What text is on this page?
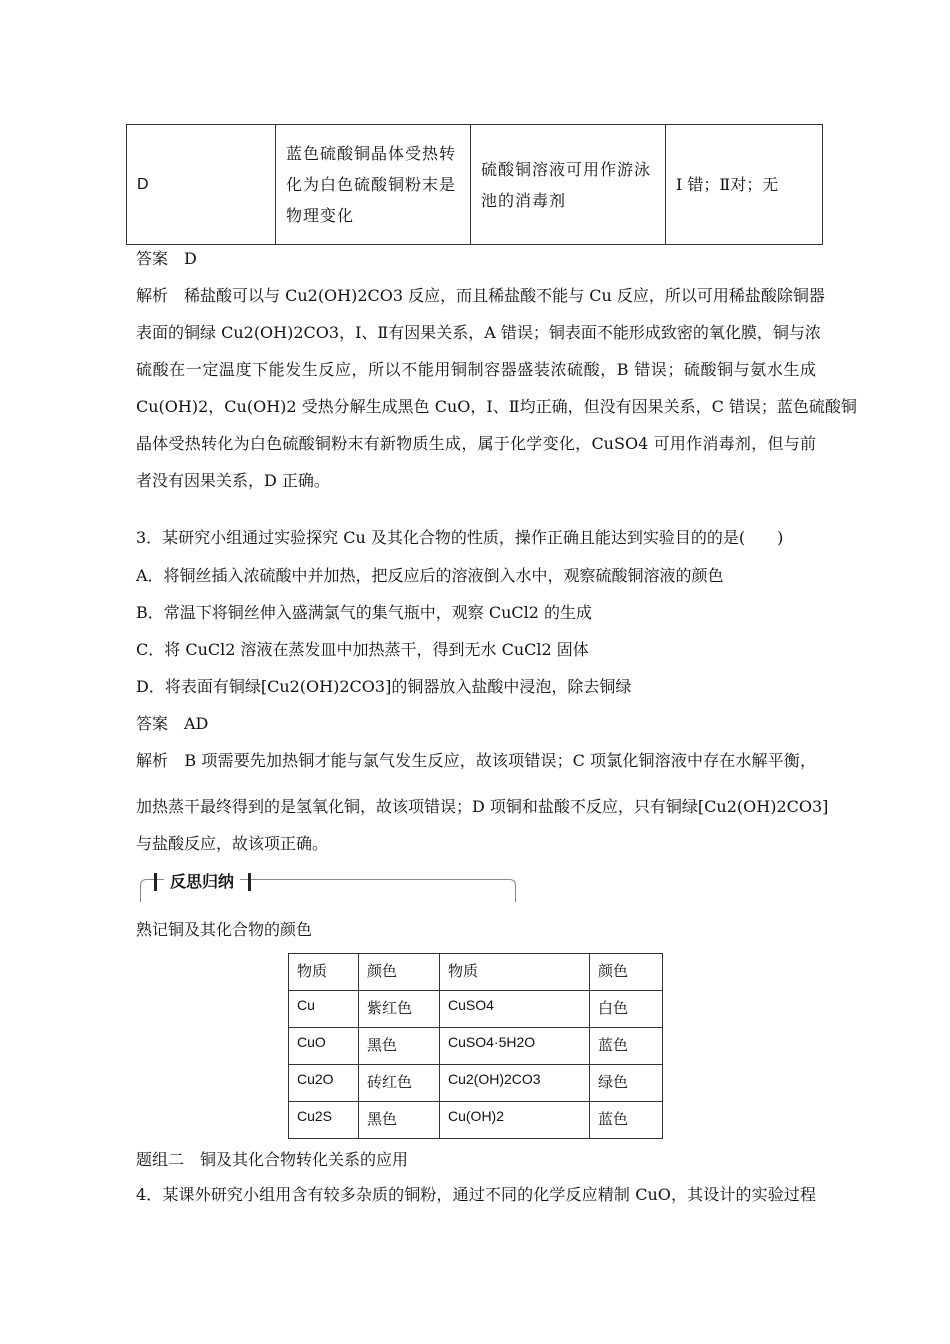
D	蓝色硫酸铜晶体受热转化为白色硫酸铜粉末是物理变化	硫酸铜溶液可用作游泳池的消毒剂	Ⅰ 错；Ⅱ对；无
答案　D
解析　稀盐酸可以与 Cu2(OH)2CO3 反应，而且稀盐酸不能与 Cu 反应，所以可用稀盐酸除铜器
表面的铜绿 Cu2(OH)2CO3，Ⅰ、Ⅱ有因果关系，A 错误；铜表面不能形成致密的氧化膜，铜与浓
硫酸在一定温度下能发生反应，所以不能用铜制容器盛装浓硫酸，B 错误；硫酸铜与氨水生成
Cu(OH)2，Cu(OH)2 受热分解生成黑色 CuO，Ⅰ、Ⅱ均正确，但没有因果关系，C 错误；蓝色硫酸铜
晶体受热转化为白色硫酸铜粉末有新物质生成，属于化学变化，CuSO4 可用作消毒剂，但与前
者没有因果关系，D 正确。
3．某研究小组通过实验探究 Cu 及其化合物的性质，操作正确且能达到实验目的的是(　　)
A．将铜丝插入浓硫酸中并加热，把反应后的溶液倒入水中，观察硫酸铜溶液的颜色
B．常温下将铜丝伸入盛满氯气的集气瓶中，观察 CuCl2 的生成
C．将 CuCl2 溶液在蒸发皿中加热蒸干，得到无水 CuCl2 固体
D．将表面有铜绿[Cu2(OH)2CO3]的铜器放入盐酸中浸泡，除去铜绿
答案　AD
解析　B 项需要先加热铜才能与氯气发生反应，故该项错误；C 项氯化铜溶液中存在水解平衡，
加热蒸干最终得到的是氢氧化铜，故该项错误；D 项铜和盐酸不反应，只有铜绿[Cu2(OH)2CO3]
与盐酸反应，故该项正确。
反思归纳
熟记铜及其化合物的颜色
物质	颜色	物质	颜色
Cu	紫红色	CuSO4	白色
CuO	黑色	CuSO4·5H2O	蓝色
Cu2O	砖红色	Cu2(OH)2CO3	绿色
Cu2S	黑色	Cu(OH)2	蓝色
题组二　铜及其化合物转化关系的应用
4．某课外研究小组用含有较多杂质的铜粉，通过不同的化学反应精制 CuO，其设计的实验过程
